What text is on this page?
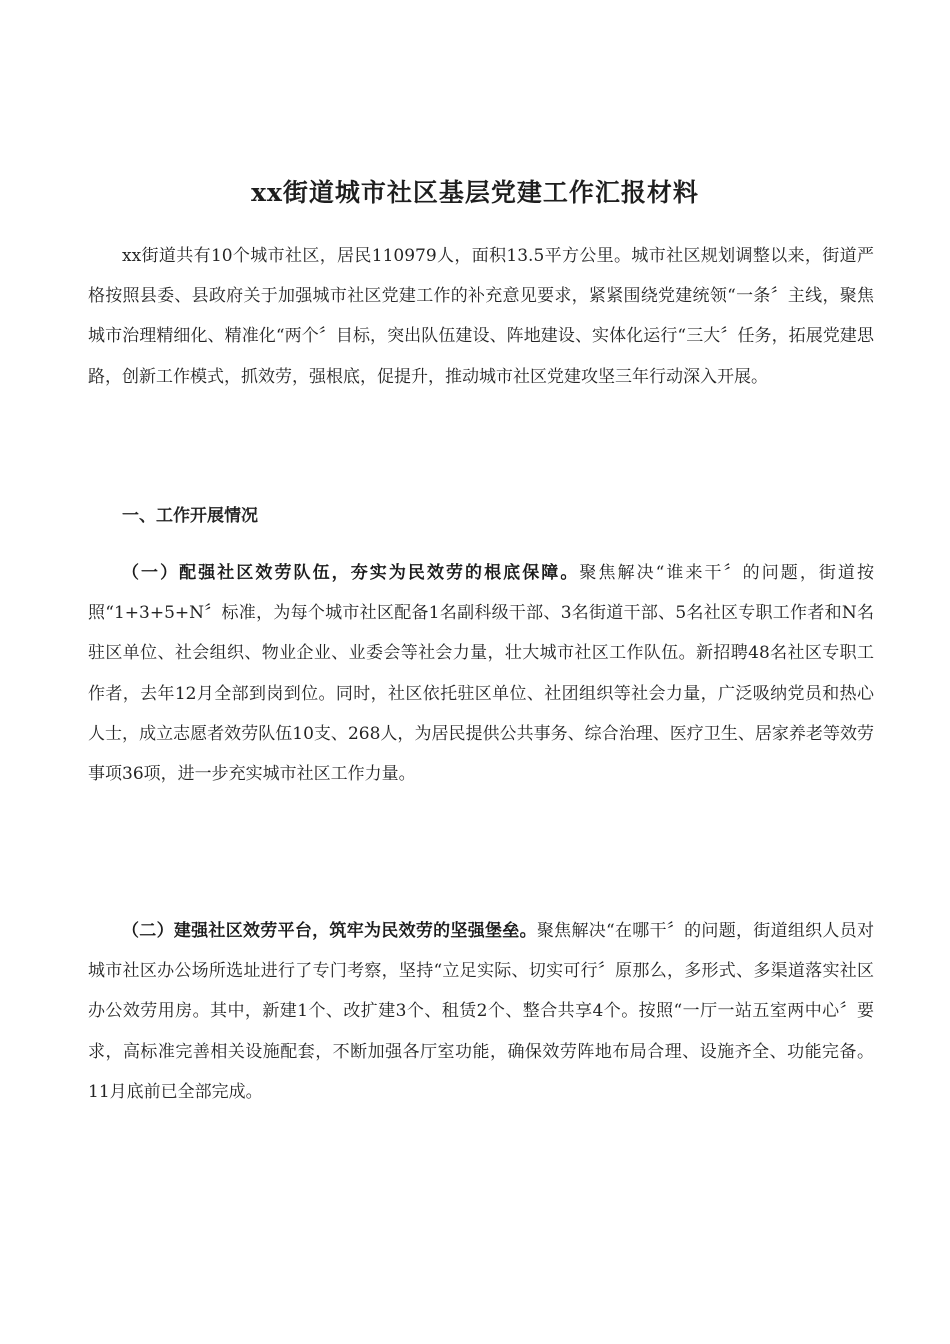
xx街道城市社区基层党建工作汇报材料

xx街道共有10个城市社区，居民110979人，面积13.5平方公里。城市社区规划调整以来，街道严格按照县委、县政府关于加强城市社区党建工作的补充意见要求，紧紧围绕党建统领“一条〞主线，聚焦城市治理精细化、精准化“两个〞目标，突出队伍建设、阵地建设、实体化运行“三大〞任务，拓展党建思路，创新工作模式，抓效劳，强根底，促提升，推动城市社区党建攻坚三年行动深入开展。

一、工作开展情况

（一）配强社区效劳队伍，夯实为民效劳的根底保障。聚焦解决“谁来干〞的问题，街道按照“1+3+5+N〞标准，为每个城市社区配备1名副科级干部、3名街道干部、5名社区专职工作者和N名驻区单位、社会组织、物业企业、业委会等社会力量，壮大城市社区工作队伍。新招聘48名社区专职工作者，去年12月全部到岗到位。同时，社区依托驻区单位、社团组织等社会力量，广泛吸纳党员和热心人士，成立志愿者效劳队伍10支、268人，为居民提供公共事务、综合治理、医疗卫生、居家养老等效劳事项36项，进一步充实城市社区工作力量。

（二）建强社区效劳平台，筑牢为民效劳的坚强堡垒。聚焦解决“在哪干〞的问题，街道组织人员对城市社区办公场所选址进行了专门考察，坚持“立足实际、切实可行〞原那么，多形式、多渠道落实社区办公效劳用房。其中，新建1个、改扩建3个、租赁2个、整合共享4个。按照“一厅一站五室两中心〞要求，高标准完善相关设施配套，不断加强各厅室功能，确保效劳阵地布局合理、设施齐全、功能完备。11月底前已全部完成。
